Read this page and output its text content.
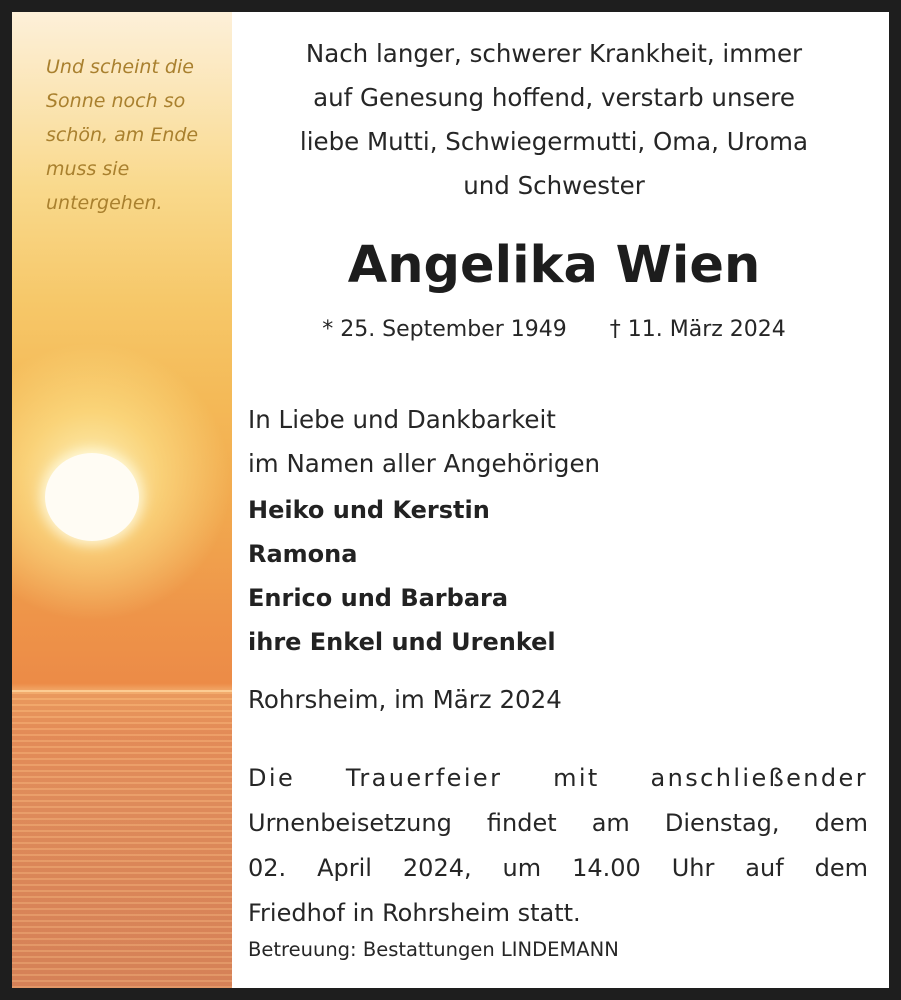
Und scheint die
Sonne noch so
schön, am Ende
muss sie
untergehen.

Nach langer, schwerer Krankheit, immer
auf Genesung hoffend, verstarb unsere
liebe Mutti, Schwiegermutti, Oma, Uroma
und Schwester

Angelika Wien
* 25. September 1949 † 11. März 2024

In Liebe und Dankbarkeit
im Namen aller Angehörigen

Heiko und Kerstin
Ramona
Enrico und Barbara
ihre Enkel und Urenkel

Rohrsheim, im März 2024

Die Trauerfeier mit anschließender
Urnenbeisetzung findet am Dienstag, dem
02. April 2024, um 14.00 Uhr auf dem
Friedhof in Rohrsheim statt.

Betreuung: Bestattungen LINDEMANN
